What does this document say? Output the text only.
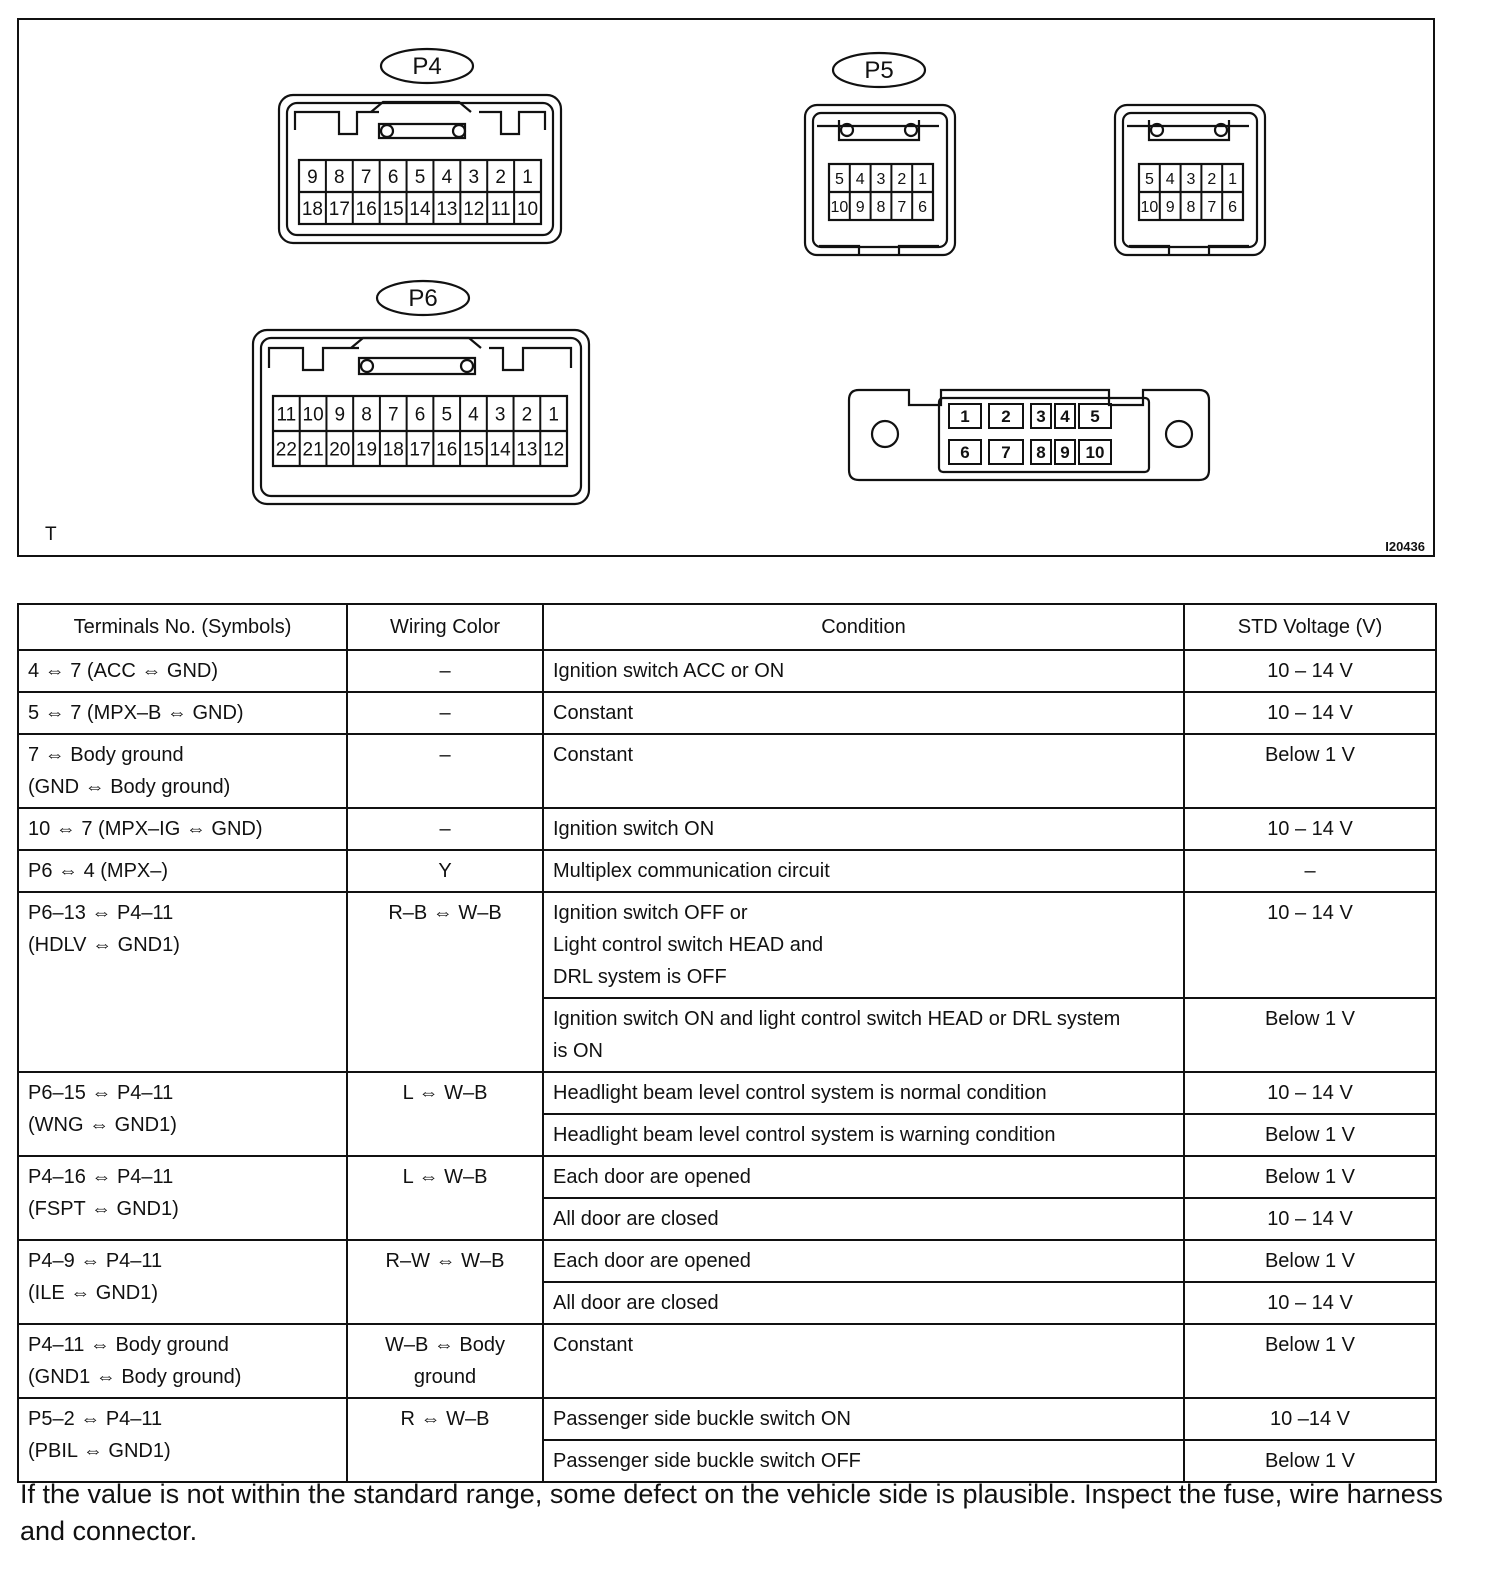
P4	P5
P6
9 8 7 6 5 4 3 2 1
18 17 16 15 14 13 12 11 10
5 4 3 2 1
10 9 8 7 6
5 4 3 2 1
10 9 8 7 6
11 10 9 8 7 6 5 4 3 2 1
22 21 20 19 18 17 16 15 14 13 12
1 2 3 4 5
6 7 8 9 10
T
I20436
Terminals No. (Symbols)	Wiring Color	Condition	STD Voltage (V)

4 ⇔ 7 (ACC ⇔ GND)	–	Ignition switch ACC or ON	10 – 14 V

5 ⇔ 7 (MPX–B ⇔ GND)	–	Constant	10 – 14 V

7 ⇔ Body ground
(GND ⇔ Body ground)	–	Constant	Below 1 V

10 ⇔ 7 (MPX–IG ⇔ GND)	–	Ignition switch ON	10 – 14 V

P6 ⇔ 4 (MPX–)	Y	Multiplex communication circuit	–

P6–13 ⇔ P4–11
(HDLV ⇔ GND1)	R–B ⇔ W–B	Ignition switch OFF or
Light control switch HEAD and
DRL system is OFF	10 – 14 V

		Ignition switch ON and light control switch HEAD or DRL system
is ON	Below 1 V

P6–15 ⇔ P4–11
(WNG ⇔ GND1)	L ⇔ W–B	Headlight beam level control system is normal condition	10 – 14 V

		Headlight beam level control system is warning condition	Below 1 V

P4–16 ⇔ P4–11
(FSPT ⇔ GND1)	L ⇔ W–B	Each door are opened	Below 1 V

		All door are closed	10 – 14 V

P4–9 ⇔ P4–11
(ILE ⇔ GND1)	R–W ⇔ W–B	Each door are opened	Below 1 V

		All door are closed	10 – 14 V

P4–11 ⇔ Body ground
(GND1 ⇔ Body ground)	W–B ⇔ Body
ground	Constant	Below 1 V

P5–2 ⇔ P4–11
(PBIL ⇔ GND1)	R ⇔ W–B	Passenger side buckle switch ON	10 –14 V

		Passenger side buckle switch OFF	Below 1 V
If the value is not within the standard range, some defect on the vehicle side is plausible. Inspect the fuse, wire harness and connector.
